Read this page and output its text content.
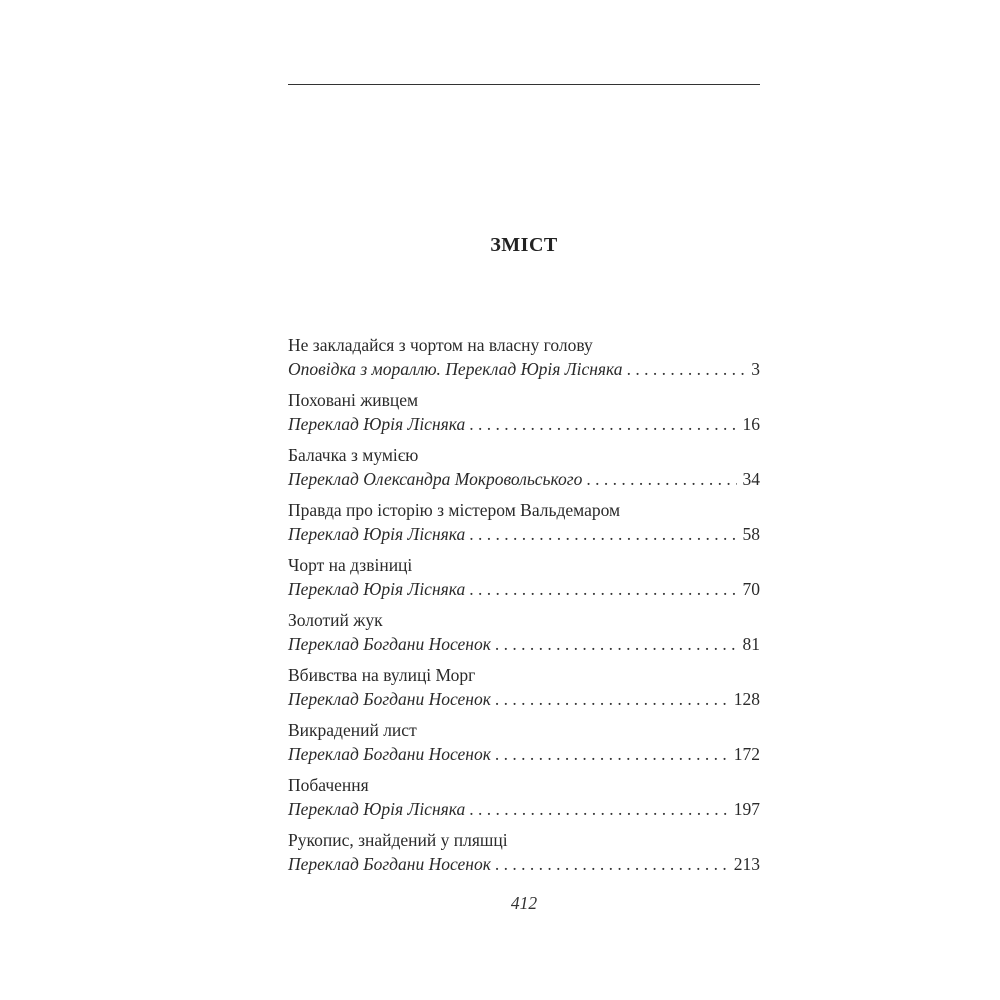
ЗМІСТ
Не закладайся з чортом на власну голову
Оповідка з мораллю. Переклад Юрія Лісняка . . .	3
Поховані живцем
Переклад Юрія Лісняка . . .	16
Балачка з мумією
Переклад Олександра Мокровольського . . .	34
Правда про історію з містером Вальдемаром
Переклад Юрія Лісняка . . .	58
Чорт на дзвіниці
Переклад Юрія Лісняка . . .	70
Золотий жук
Переклад Богдани Носенок . . .	81
Вбивства на вулиці Морг
Переклад Богдани Носенок . . .	128
Викрадений лист
Переклад Богдани Носенок . . .	172
Побачення
Переклад Юрія Лісняка . . .	197
Рукопис, знайдений у пляшці
Переклад Богдани Носенок . . .	213
412
